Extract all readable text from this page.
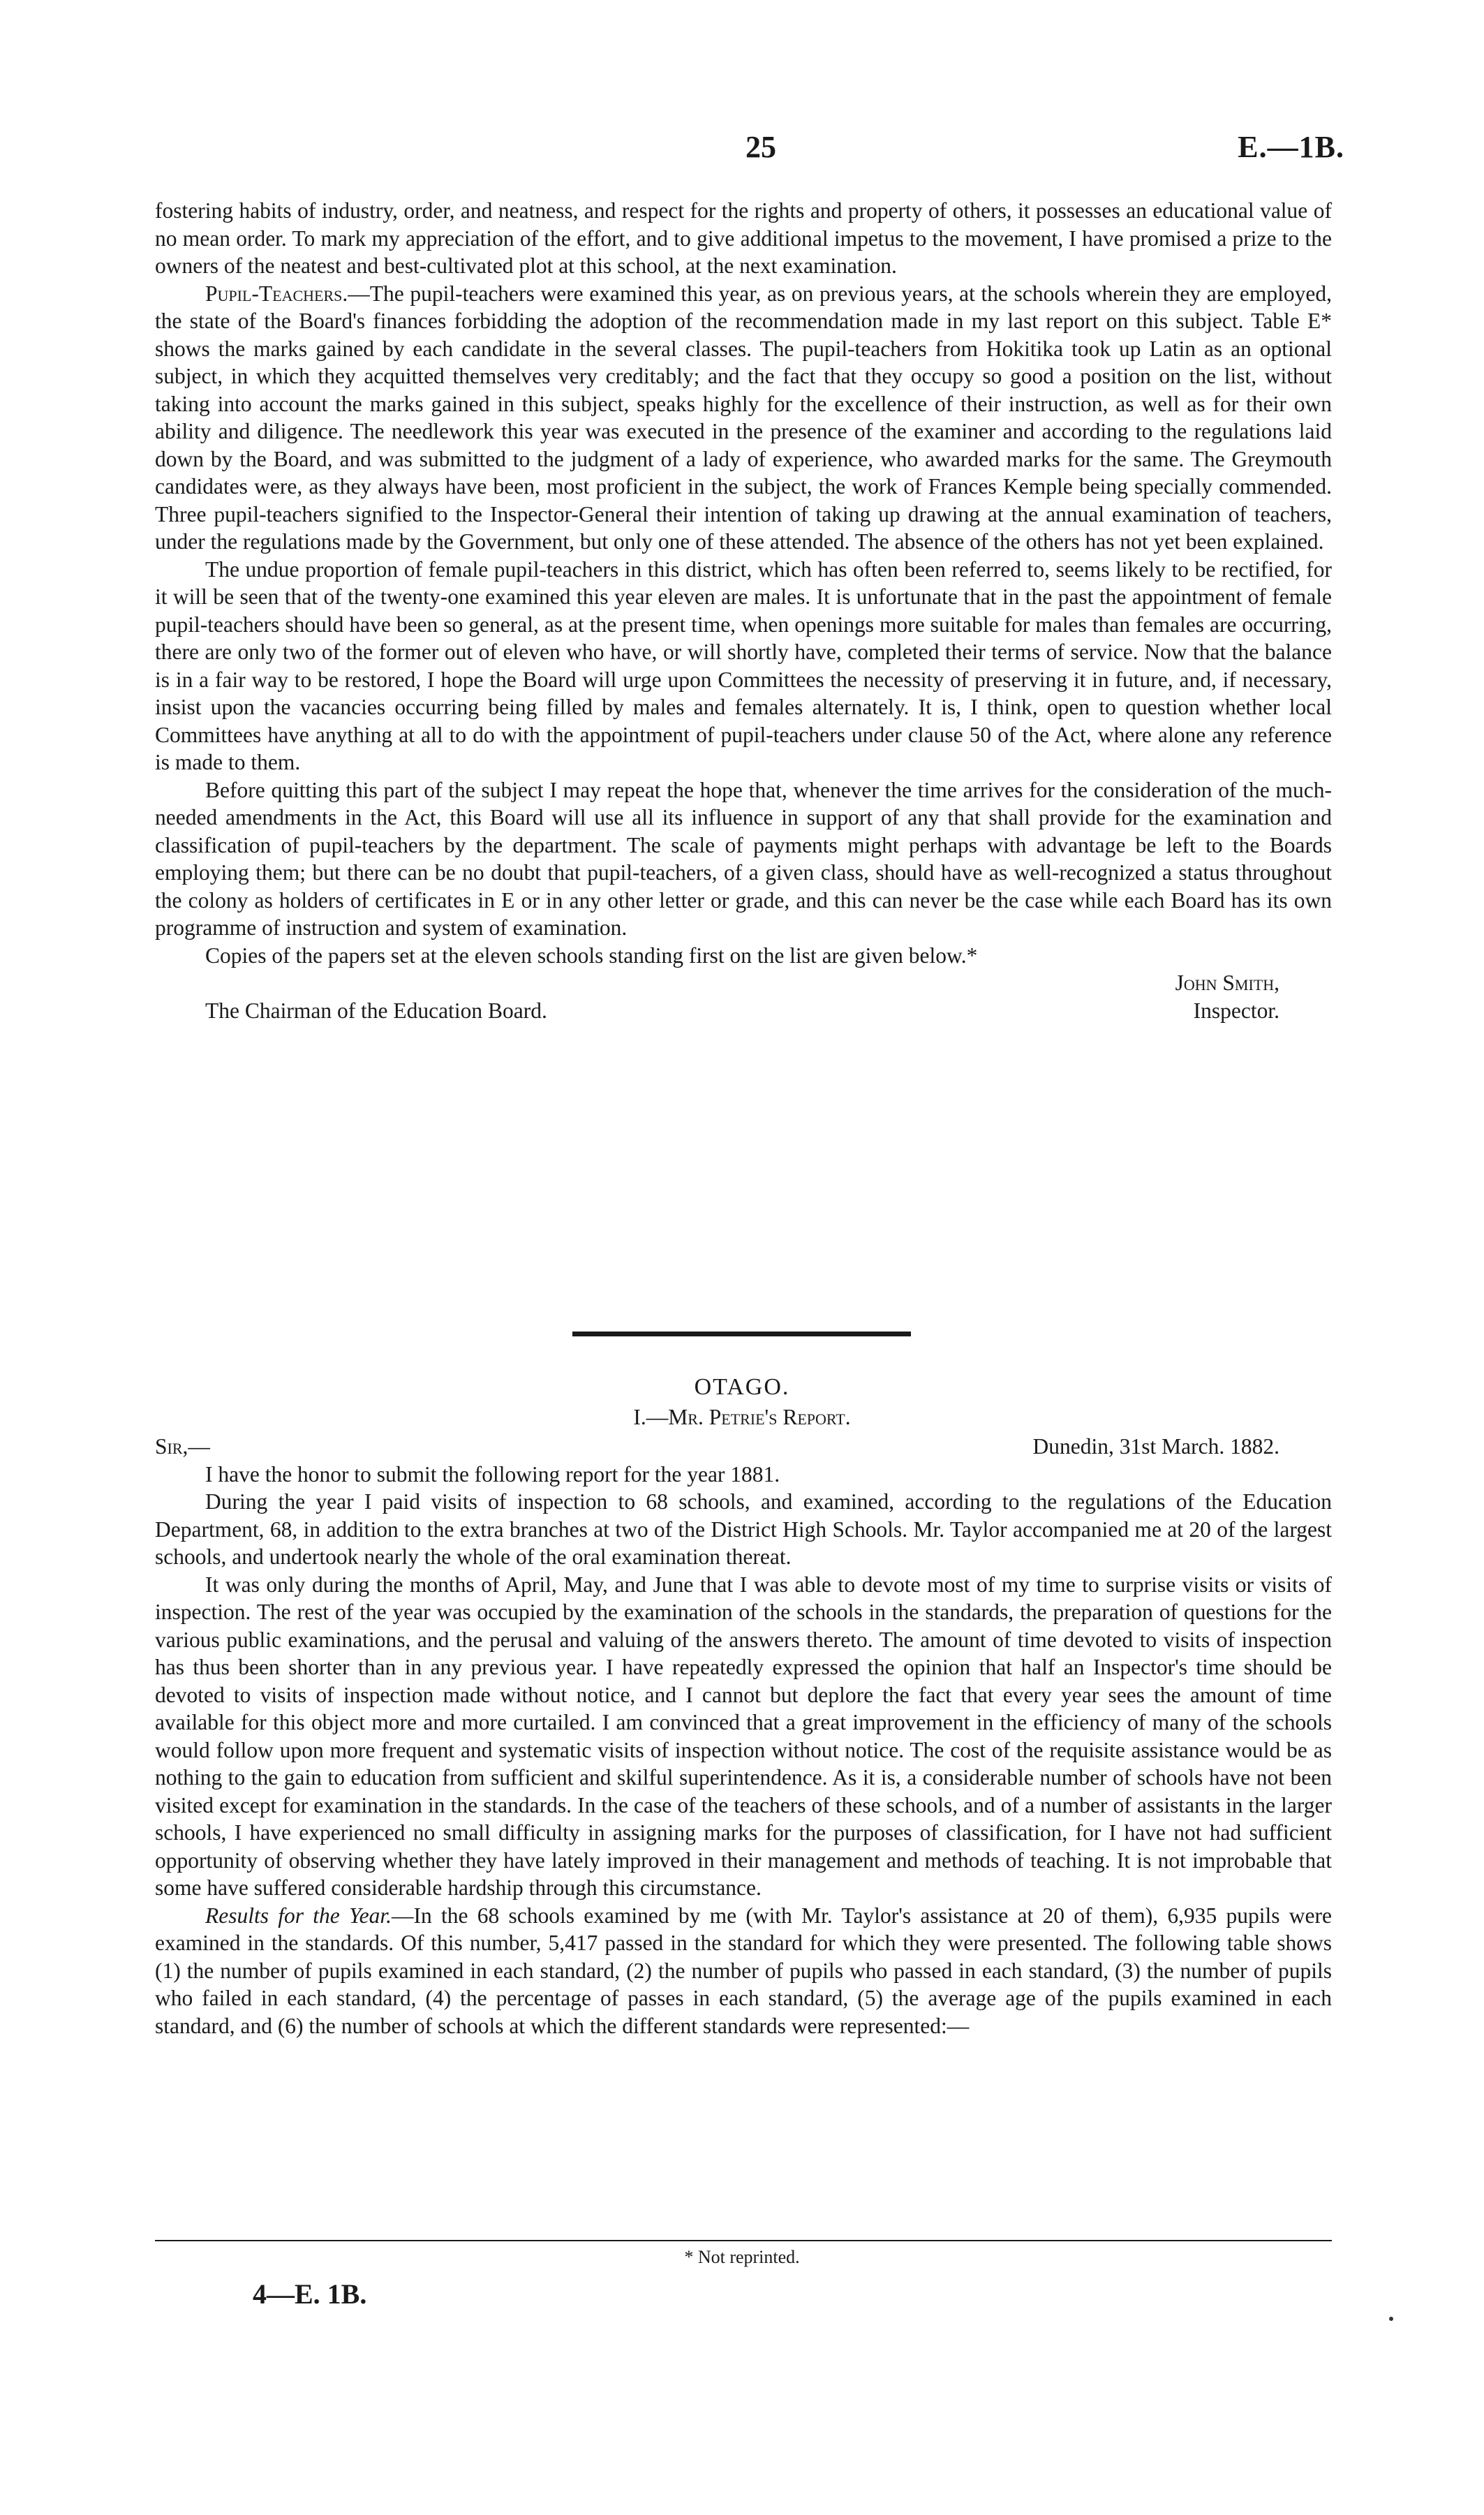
25	E.—1B.

fostering habits of industry, order, and neatness, and respect for the rights and property of others, it possesses an educational value of no mean order. To mark my appreciation of the effort, and to give additional impetus to the movement, I have promised a prize to the owners of the neatest and best-cultivated plot at this school, at the next examination.

Pupil-Teachers.—The pupil-teachers were examined this year, as on previous years, at the schools wherein they are employed, the state of the Board's finances forbidding the adoption of the recommendation made in my last report on this subject. Table E* shows the marks gained by each candidate in the several classes. The pupil-teachers from Hokitika took up Latin as an optional subject, in which they acquitted themselves very creditably; and the fact that they occupy so good a position on the list, without taking into account the marks gained in this subject, speaks highly for the excellence of their instruction, as well as for their own ability and diligence. The needlework this year was executed in the presence of the examiner and according to the regulations laid down by the Board, and was submitted to the judgment of a lady of experience, who awarded marks for the same. The Greymouth candidates were, as they always have been, most proficient in the subject, the work of Frances Kemple being specially commended. Three pupil-teachers signified to the Inspector-General their intention of taking up drawing at the annual examination of teachers, under the regulations made by the Government, but only one of these attended. The absence of the others has not yet been explained.

The undue proportion of female pupil-teachers in this district, which has often been referred to, seems likely to be rectified, for it will be seen that of the twenty-one examined this year eleven are males. It is unfortunate that in the past the appointment of female pupil-teachers should have been so general, as at the present time, when openings more suitable for males than females are occurring, there are only two of the former out of eleven who have, or will shortly have, completed their terms of service. Now that the balance is in a fair way to be restored, I hope the Board will urge upon Committees the necessity of preserving it in future, and, if necessary, insist upon the vacancies occurring being filled by males and females alternately. It is, I think, open to question whether local Committees have anything at all to do with the appointment of pupil-teachers under clause 50 of the Act, where alone any reference is made to them.

Before quitting this part of the subject I may repeat the hope that, whenever the time arrives for the consideration of the much-needed amendments in the Act, this Board will use all its influence in support of any that shall provide for the examination and classification of pupil-teachers by the department. The scale of payments might perhaps with advantage be left to the Boards employing them; but there can be no doubt that pupil-teachers, of a given class, should have as well-recognized a status throughout the colony as holders of certificates in E or in any other letter or grade, and this can never be the case while each Board has its own programme of instruction and system of examination.

Copies of the papers set at the eleven schools standing first on the list are given below.*

John Smith,
The Chairman of the Education Board.	Inspector.
OTAGO.
I.—Mr. Petrie's Report.
Sir,—	Dunedin, 31st March. 1882.

I have the honor to submit the following report for the year 1881.

During the year I paid visits of inspection to 68 schools, and examined, according to the regulations of the Education Department, 68, in addition to the extra branches at two of the District High Schools. Mr. Taylor accompanied me at 20 of the largest schools, and undertook nearly the whole of the oral examination thereat.

It was only during the months of April, May, and June that I was able to devote most of my time to surprise visits or visits of inspection. The rest of the year was occupied by the examination of the schools in the standards, the preparation of questions for the various public examinations, and the perusal and valuing of the answers thereto. The amount of time devoted to visits of inspection has thus been shorter than in any previous year. I have repeatedly expressed the opinion that half an Inspector's time should be devoted to visits of inspection made without notice, and I cannot but deplore the fact that every year sees the amount of time available for this object more and more curtailed. I am convinced that a great improvement in the efficiency of many of the schools would follow upon more frequent and systematic visits of inspection without notice. The cost of the requisite assistance would be as nothing to the gain to education from sufficient and skilful superintendence. As it is, a considerable number of schools have not been visited except for examination in the standards. In the case of the teachers of these schools, and of a number of assistants in the larger schools, I have experienced no small difficulty in assigning marks for the purposes of classification, for I have not had sufficient opportunity of observing whether they have lately improved in their management and methods of teaching. It is not improbable that some have suffered considerable hardship through this circumstance.

Results for the Year.—In the 68 schools examined by me (with Mr. Taylor's assistance at 20 of them), 6,935 pupils were examined in the standards. Of this number, 5,417 passed in the standard for which they were presented. The following table shows (1) the number of pupils examined in each standard, (2) the number of pupils who passed in each standard, (3) the number of pupils who failed in each standard, (4) the percentage of passes in each standard, (5) the average age of the pupils examined in each standard, and (6) the number of schools at which the different standards were represented:—

* Not reprinted.
4—E. 1B.
